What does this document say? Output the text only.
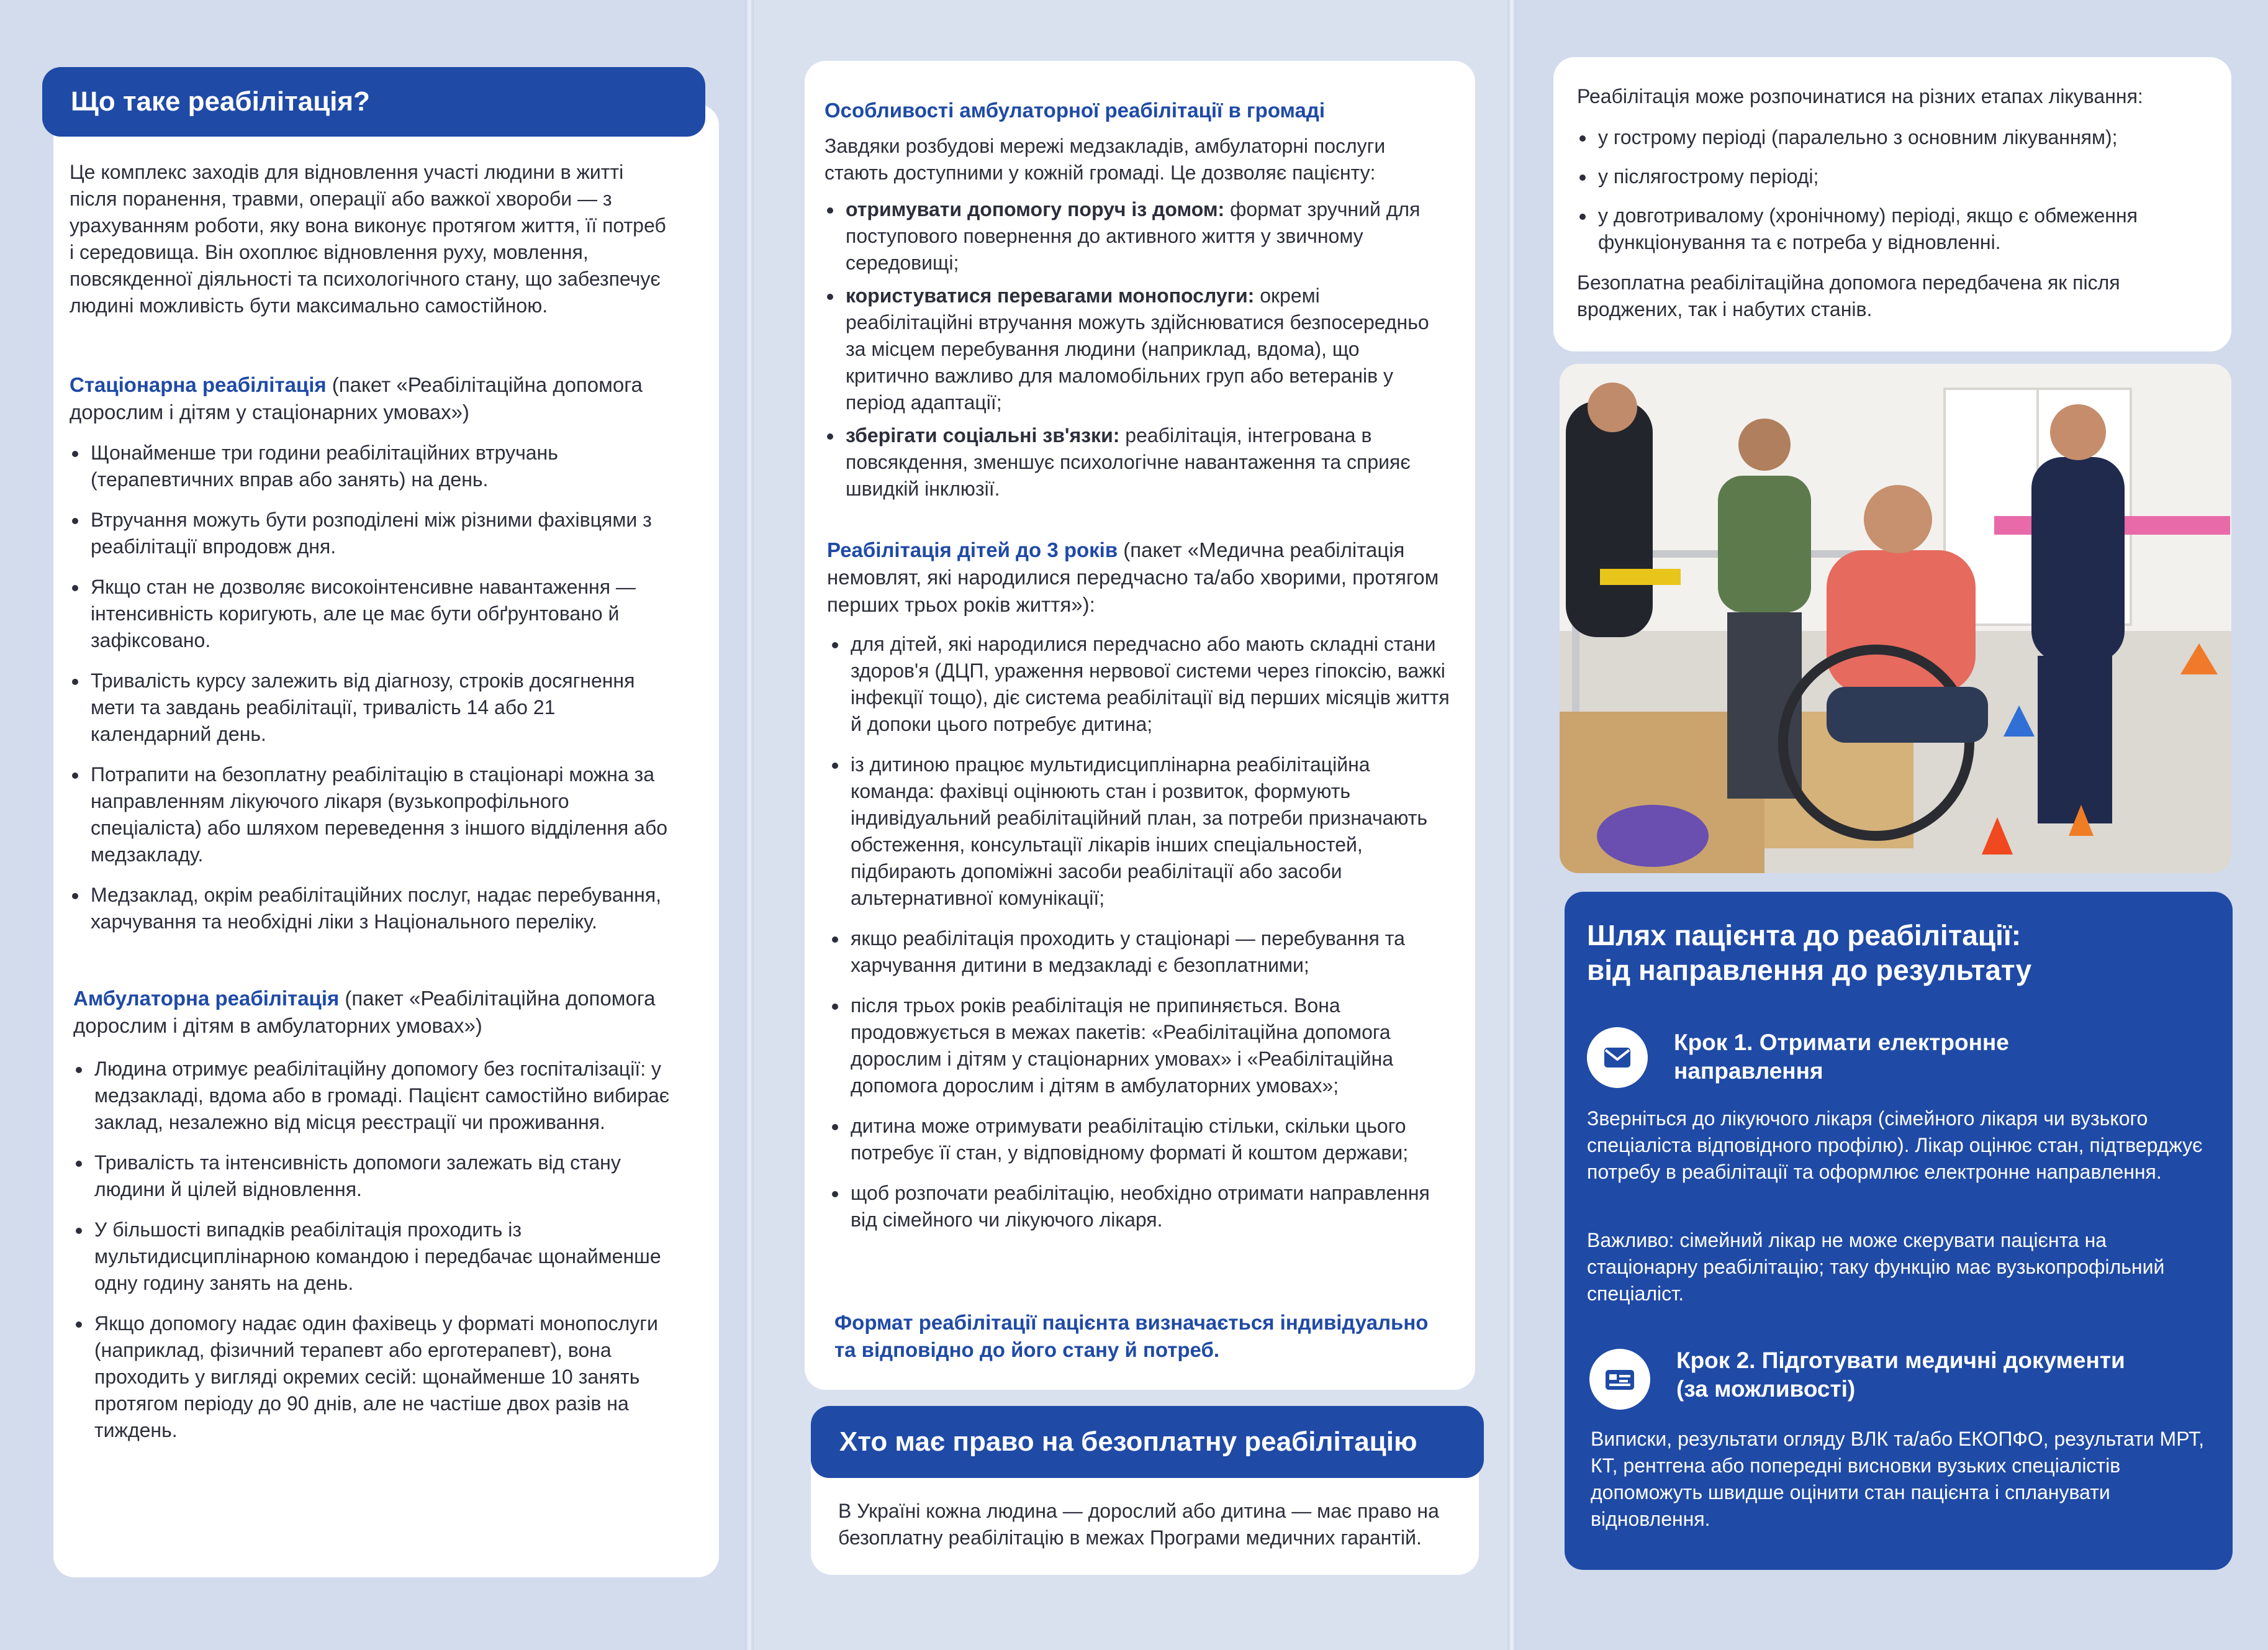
Що таке реабілітація?

Це комплекс заходів для відновлення участі людини в житті після поранення, травми, операції або важкої хвороби — з урахуванням роботи, яку вона виконує протягом життя, її потреб і середовища. Він охоплює відновлення руху, мовлення, повсякденної діяльності та психологічного стану, що забезпечує людині можливість бути максимально самостійною.

Стаціонарна реабілітація (пакет «Реабілітаційна допомога дорослим і дітям у стаціонарних умовах»)

Щонайменше три години реабілітаційних втручань (терапевтичних вправ або занять) на день.
Втручання можуть бути розподілені між різними фахівцями з реабілітації впродовж дня.
Якщо стан не дозволяє високоінтенсивне навантаження — інтенсивність коригують, але це має бути обґрунтовано й зафіксовано.
Тривалість курсу залежить від діагнозу, строків досягнення мети та завдань реабілітації, тривалість 14 або 21 календарний день.
Потрапити на безоплатну реабілітацію в стаціонарі можна за направленням лікуючого лікаря (вузькопрофільного спеціаліста) або шляхом переведення з іншого відділення або медзакладу.
Медзаклад, окрім реабілітаційних послуг, надає перебування, харчування та необхідні ліки з Національного переліку.

Амбулаторна реабілітація (пакет «Реабілітаційна допомога дорослим і дітям в амбулаторних умовах»)

Людина отримує реабілітаційну допомогу без госпіталізації: у медзакладі, вдома або в громаді. Пацієнт самостійно вибирає заклад, незалежно від місця реєстрації чи проживання.
Тривалість та інтенсивність допомоги залежать від стану людини й цілей відновлення.
У більшості випадків реабілітація проходить із мультидисциплінарною командою і передбачає щонайменше одну годину занять на день.
Якщо допомогу надає один фахівець у форматі монопослуги (наприклад, фізичний терапевт або ерготерапевт), вона проходить у вигляді окремих сесій: щонайменше 10 занять протягом періоду до 90 днів, але не частіше двох разів на тиждень.

Особливості амбулаторної реабілітації в громаді

Завдяки розбудові мережі медзакладів, амбулаторні послуги стають доступними у кожній громаді. Це дозволяє пацієнту:

отримувати допомогу поруч із домом: формат зручний для поступового повернення до активного життя у звичному середовищі;
користуватися перевагами монопослуги: окремі реабілітаційні втручання можуть здійснюватися безпосередньо за місцем перебування людини (наприклад, вдома), що критично важливо для маломобільних груп або ветеранів у період адаптації;
зберігати соціальні зв'язки: реабілітація, інтегрована в повсякдення, зменшує психологічне навантаження та сприяє швидкій інклюзії.

Реабілітація дітей до 3 років (пакет «Медична реабілітація немовлят, які народилися передчасно та/або хворими, протягом перших трьох років життя»):

для дітей, які народилися передчасно або мають складні стани здоров'я (ДЦП, ураження нервової системи через гіпоксію, важкі інфекції тощо), діє система реабілітації від перших місяців життя й допоки цього потребує дитина;
із дитиною працює мультидисциплінарна реабілітаційна команда: фахівці оцінюють стан і розвиток, формують індивідуальний реабілітаційний план, за потреби призначають обстеження, консультації лікарів інших спеціальностей, підбирають допоміжні засоби реабілітації або засоби альтернативної комунікації;
якщо реабілітація проходить у стаціонарі — перебування та харчування дитини в медзакладі є безоплатними;
після трьох років реабілітація не припиняється. Вона продовжується в межах пакетів: «Реабілітаційна допомога дорослим і дітям у стаціонарних умовах» і «Реабілітаційна допомога дорослим і дітям в амбулаторних умовах»;
дитина може отримувати реабілітацію стільки, скільки цього потребує її стан, у відповідному форматі й коштом держави;
щоб розпочати реабілітацію, необхідно отримати направлення від сімейного чи лікуючого лікаря.

Формат реабілітації пацієнта визначається індивідуально та відповідно до його стану й потреб.

Хто має право на безоплатну реабілітацію

В Україні кожна людина — дорослий або дитина — має право на безоплатну реабілітацію в межах Програми медичних гарантій.

Реабілітація може розпочинатися на різних етапах лікування:

у гострому періоді (паралельно з основним лікуванням);
у післягострому періоді;
у довготривалому (хронічному) періоді, якщо є обмеження функціонування та є потреба у відновленні.

Безоплатна реабілітаційна допомога передбачена як після вроджених, так і набутих станів.

Шлях пацієнта до реабілітації:
від направлення до результату

Крок 1. Отримати електронне
направлення

Зверніться до лікуючого лікаря (сімейного лікаря чи вузького спеціаліста відповідного профілю). Лікар оцінює стан, підтверджує потребу в реабілітації та оформлює електронне направлення.

Важливо: сімейний лікар не може скерувати пацієнта на стаціонарну реабілітацію; таку функцію має вузькопрофільний спеціаліст.

Крок 2. Підготувати медичні документи
(за можливості)

Виписки, результати огляду ВЛК та/або ЕКОПФО, результати МРТ, КТ, рентгена або попередні висновки вузьких спеціалістів допоможуть швидше оцінити стан пацієнта і спланувати відновлення.
